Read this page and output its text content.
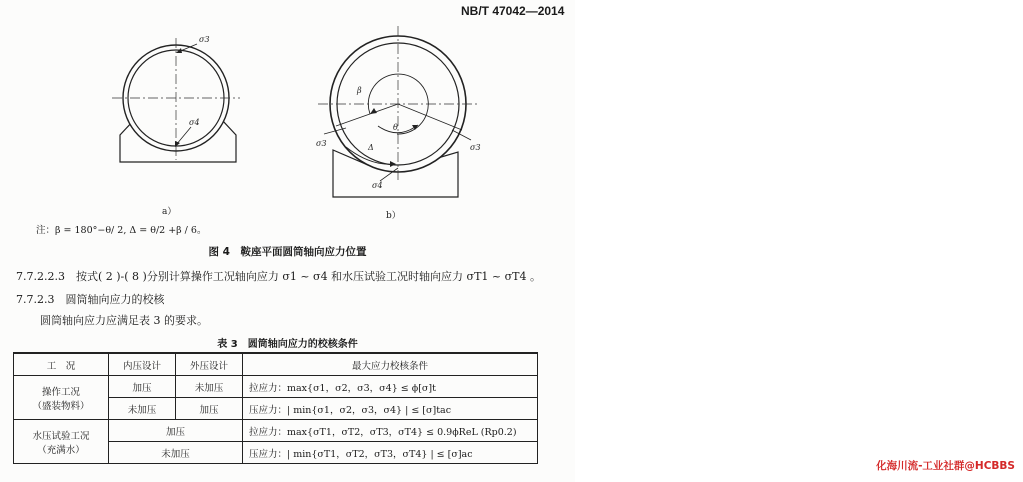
NB/T 47042—2014
σ3
σ4
a）
β
θ
Δ
σ3	σ3
σ4
b）
注：β = 180°−θ/ 2, Δ = θ/2 +β / 6。
图 4　鞍座平面圆筒轴向应力位置
7.7.2.2.3　按式( 2 )-( 8 )分别计算操作工况轴向应力 σ1 ~ σ4 和水压试验工况时轴向应力 σT1 ~ σT4 。
7.7.2.3　圆筒轴向应力的校核
圆筒轴向应力应满足表 3 的要求。
表 3　圆筒轴向应力的校核条件
工　况	内压设计	外压设计	最大应力校核条件

操作工况
（盛装物料）	加压	未加压	拉应力：max{σ1，σ2，σ3，σ4} ≤ ϕ[σ]t
	未加压	加压	压应力：| min{σ1，σ2，σ3，σ4} | ≤ [σ]tac

水压试验工况
（充满水）	加压		拉应力：max{σT1，σT2，σT3，σT4} ≤ 0.9ϕReL (Rp0.2)
	未加压		压应力：| min{σT1，σT2，σT3，σT4} | ≤ [σ]ac
化海川流-工业社群@HCBBS
